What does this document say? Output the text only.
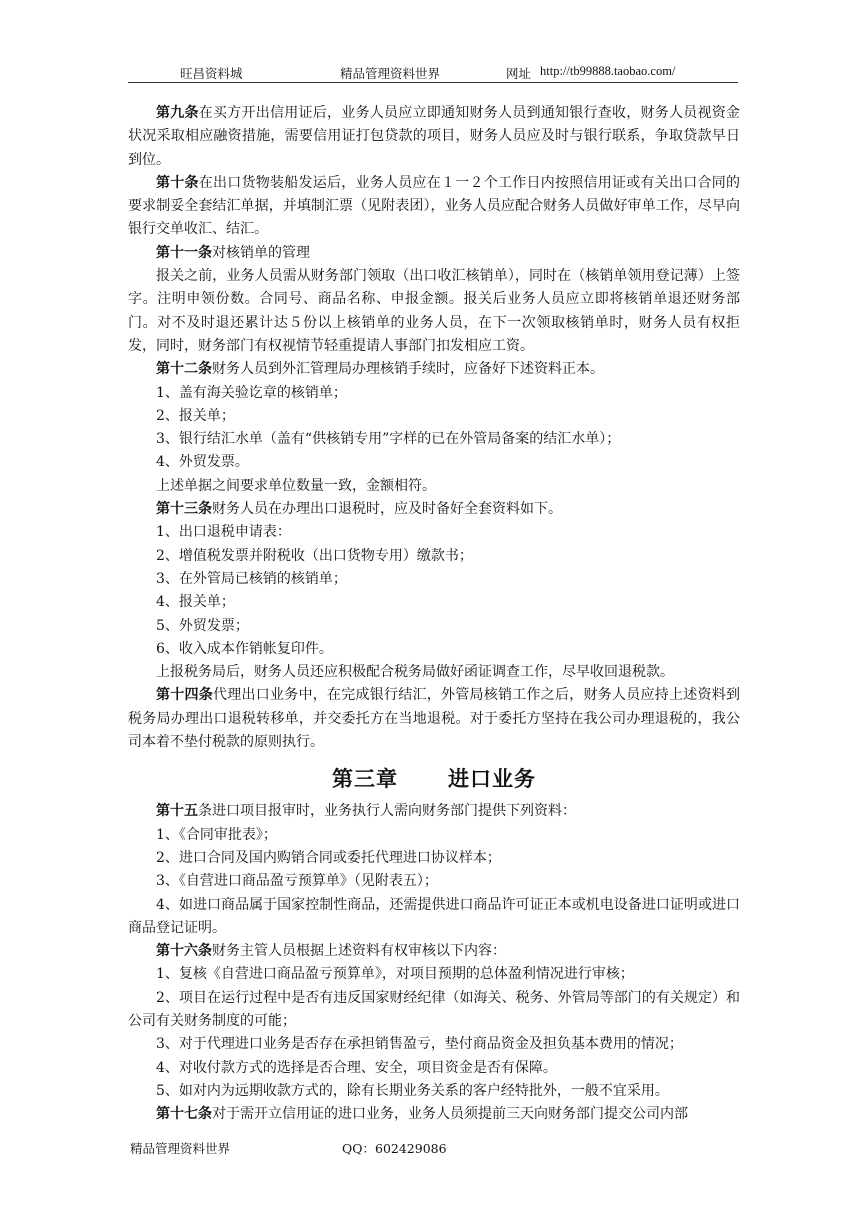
旺昌资料城	精品管理资料世界	网址 http://tb99888.taobao.com/

第九条在买方开出信用证后，业务人员应立即通知财务人员到通知银行查收，财务人员视资金状况采取相应融资措施，需要信用证打包贷款的项目，财务人员应及时与银行联系，争取贷款早日到位。

第十条在出口货物装船发运后，业务人员应在１一２个工作日内按照信用证或有关出口合同的要求制妥全套结汇单据，并填制汇票（见附表团），业务人员应配合财务人员做好审单工作，尽早向银行交单收汇、结汇。

第十一条对核销单的管理

报关之前，业务人员需从财务部门领取（出口收汇核销单），同时在（核销单领用登记薄）上签字。注明申领份数。合同号、商品名称、申报金额。报关后业务人员应立即将核销单退还财务部门。对不及时退还累计达５份以上核销单的业务人员，在下一次领取核销单时，财务人员有权拒发，同时，财务部门有权视情节轻重提请人事部门扣发相应工资。

第十二条财务人员到外汇管理局办理核销手续时，应备好下述资料正本。

1、盖有海关验讫章的核销单；

2、报关单；

3、银行结汇水单（盖有“供核销专用”字样的已在外管局备案的结汇水单）；

4、外贸发票。

上述单据之间要求单位数量一致，金额相符。

第十三条财务人员在办理出口退税时，应及时备好全套资料如下。

1、出口退税申请表：

2、增值税发票并附税收（出口货物专用）缴款书；

3、在外管局已核销的核销单；

4、报关单；

5、外贸发票；

6、收入成本作销帐复印件。

上报税务局后，财务人员还应积极配合税务局做好函证调查工作，尽早收回退税款。

第十四条代理出口业务中，在完成银行结汇，外管局核销工作之后，财务人员应持上述资料到税务局办理出口退税转移单，并交委托方在当地退税。对于委托方坚持在我公司办理退税的，我公司本着不垫付税款的原则执行。

第三章 进口业务

第十五条进口项目报审时，业务执行人需向财务部门提供下列资料：

1、《合同审批表》；

2、进口合同及国内购销合同或委托代理进口协议样本；

3、《自营进口商品盈亏预算单》（见附表五）；

4、如进口商品属于国家控制性商品，还需提供进口商品许可证正本或机电设备进口证明或进口商品登记证明。

第十六条财务主管人员根据上述资料有权审核以下内容：

1、复核《自营进口商品盈亏预算单》，对项目预期的总体盈利情况进行审核；

2、项目在运行过程中是否有违反国家财经纪律（如海关、税务、外管局等部门的有关规定）和公司有关财务制度的可能；

3、对于代理进口业务是否存在承担销售盈亏，垫付商品资金及担负基本费用的情况；

4、对收付款方式的选择是否合理、安全，项目资金是否有保障。

5、如对内为远期收款方式的，除有长期业务关系的客户经特批外，一般不宜采用。

第十七条对于需开立信用证的进口业务，业务人员须提前三天向财务部门提交公司内部

精品管理资料世界	QQ：602429086
